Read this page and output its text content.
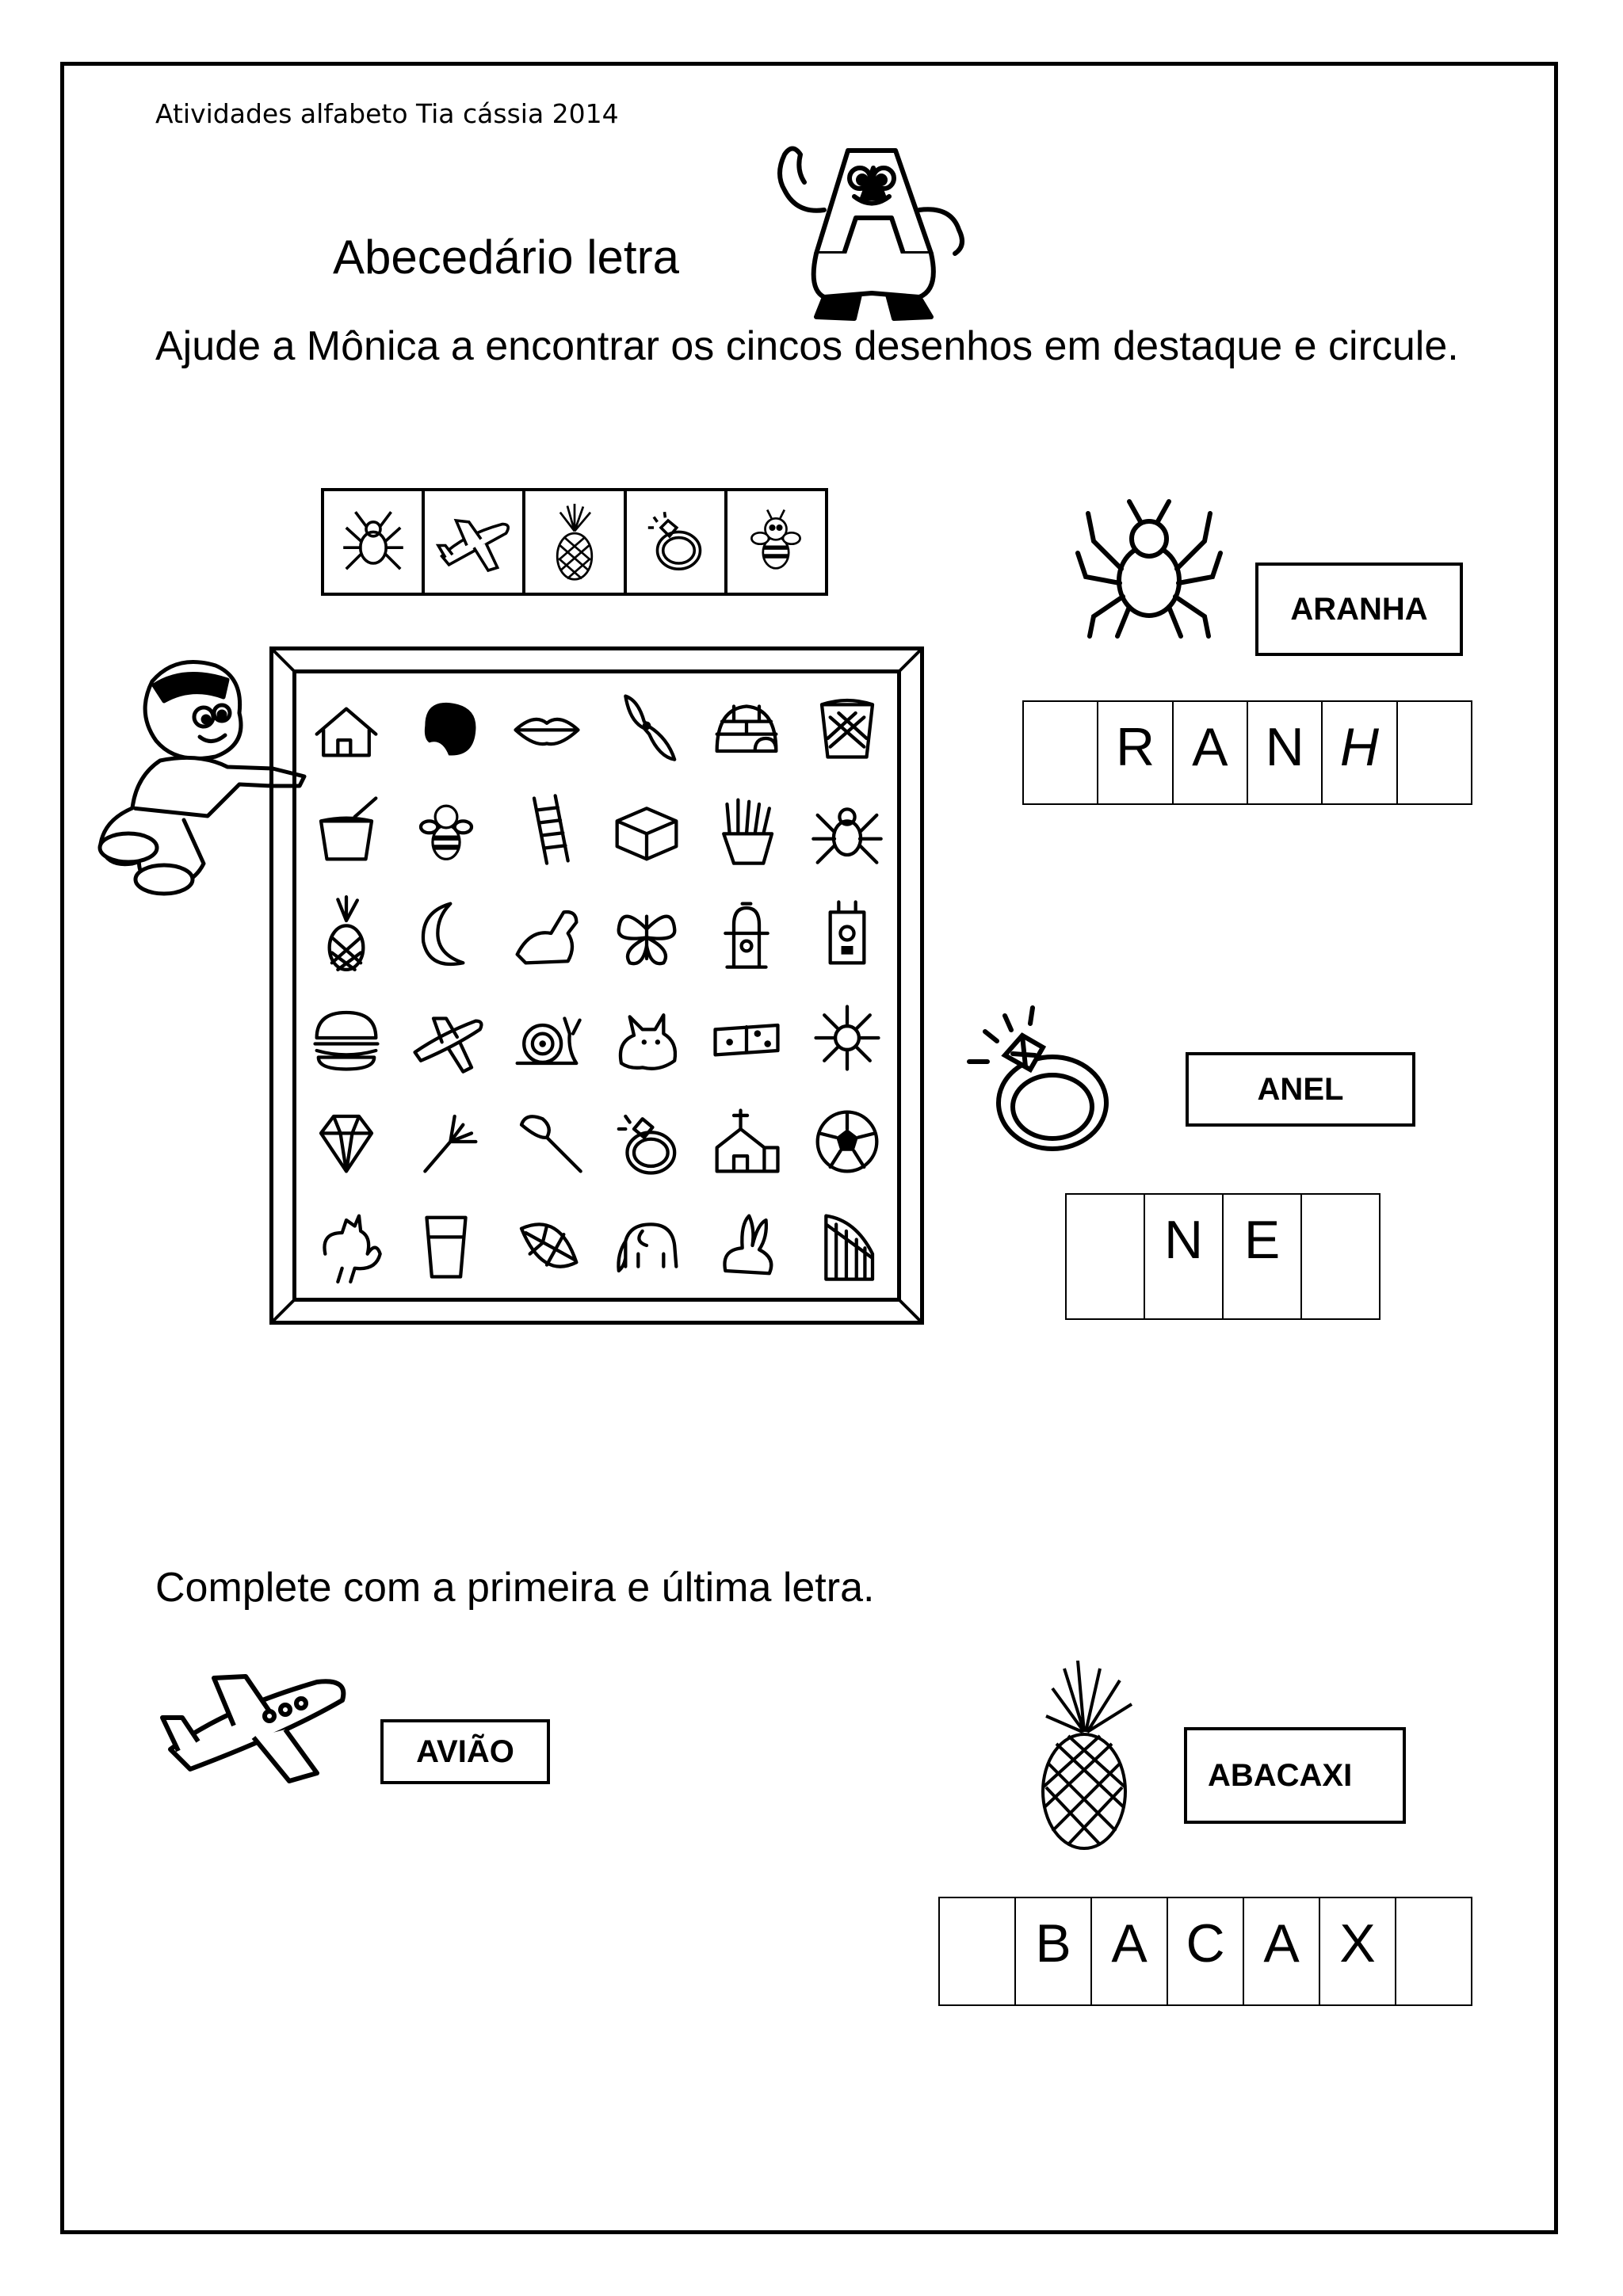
Atividades alfabeto Tia cássia 2014
Abecedário letra
Ajude a Mônica a encontrar os cincos desenhos em destaque e circule.
ARANHA
R A N H
ANEL
N E
Complete com a primeira e última letra.
AVIÃO
ABACAXI
B A C A X
